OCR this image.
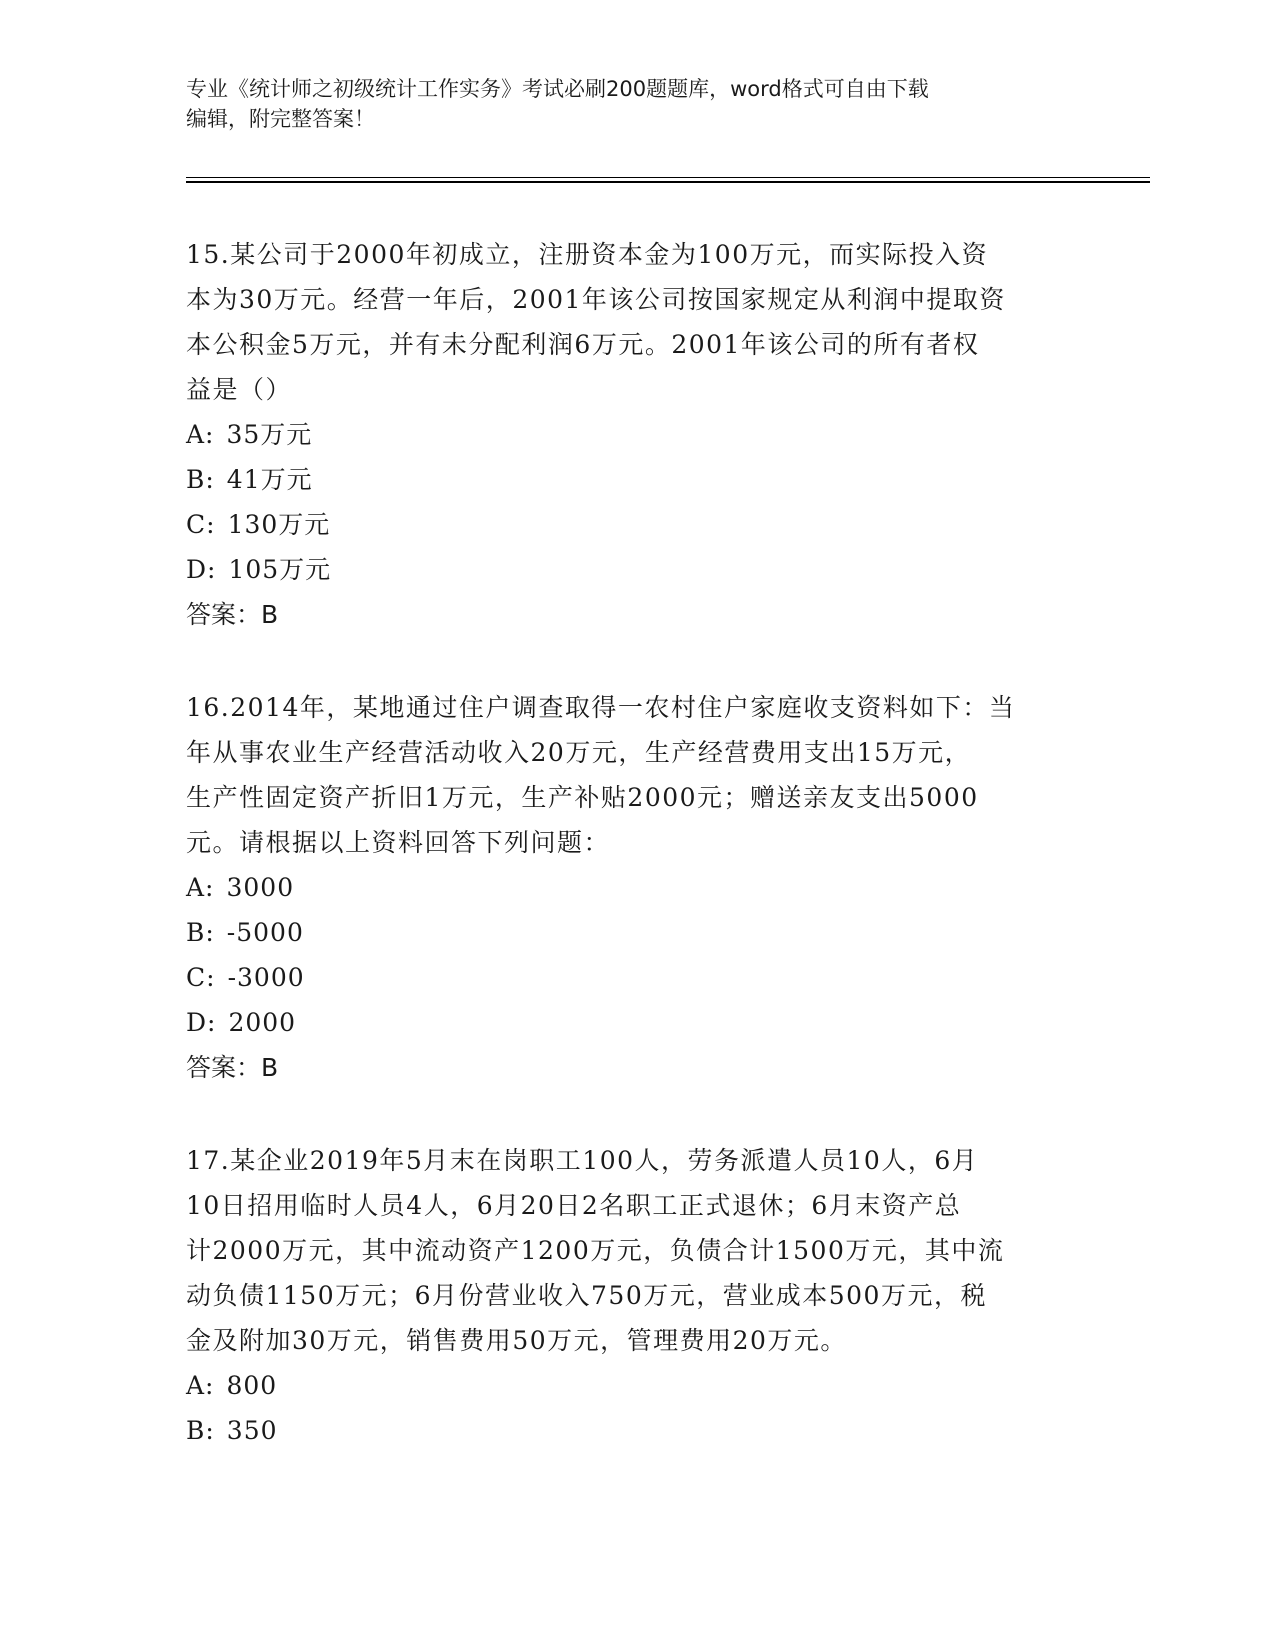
专业《统计师之初级统计工作实务》考试必刷200题题库，word格式可自由下载
编辑，附完整答案！

15.某公司于2000年初成立，注册资本金为100万元，而实际投入资

本为30万元。经营一年后，2001年该公司按国家规定从利润中提取资

本公积金5万元，并有未分配利润6万元。2001年该公司的所有者权

益是（）

A: 35万元

B: 41万元

C: 130万元

D: 105万元

答案：B

16.2014年，某地通过住户调查取得一农村住户家庭收支资料如下：当

年从事农业生产经营活动收入20万元，生产经营费用支出15万元，

生产性固定资产折旧1万元，生产补贴2000元；赠送亲友支出5000

元。请根据以上资料回答下列问题：

A: 3000

B: -5000

C: -3000

D: 2000

答案：B

17.某企业2019年5月末在岗职工100人，劳务派遣人员10人，6月

10日招用临时人员4人，6月20日2名职工正式退休；6月末资产总

计2000万元，其中流动资产1200万元，负债合计1500万元，其中流

动负债1150万元；6月份营业收入750万元，营业成本500万元，税

金及附加30万元，销售费用50万元，管理费用20万元。

A: 800

B: 350
